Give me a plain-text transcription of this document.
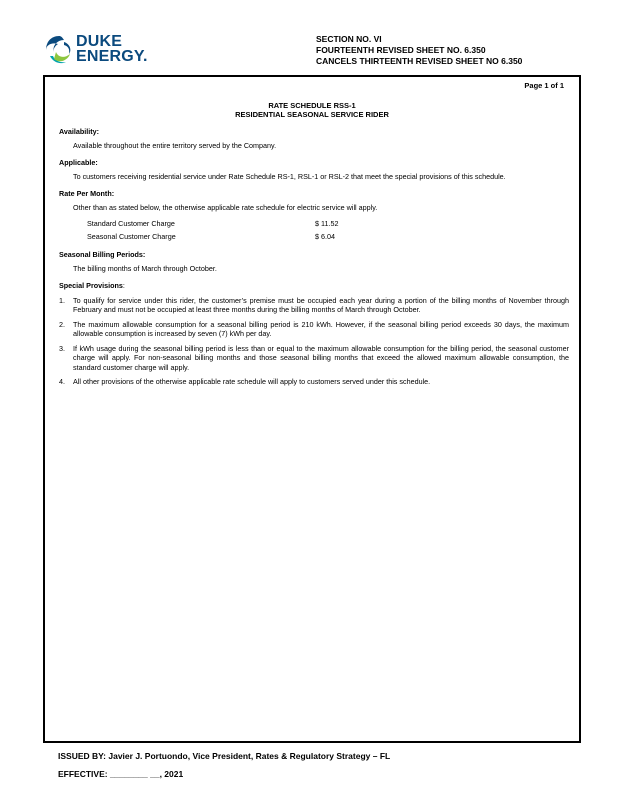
DUKE
ENERGY.
SECTION NO. VI
FOURTEENTH REVISED SHEET NO. 6.350
CANCELS THIRTEENTH REVISED SHEET NO 6.350
Page 1 of 1
RATE SCHEDULE RSS-1
RESIDENTIAL SEASONAL SERVICE RIDER
Availability:
Available throughout the entire territory served by the Company.
Applicable:
To customers receiving residential service under Rate Schedule RS-1, RSL-1 or RSL-2 that meet the special provisions of this schedule.
Rate Per Month:
Other than as stated below, the otherwise applicable rate schedule for electric service will apply.
Standard Customer Charge	$ 11.52
Seasonal Customer Charge	$ 6.04
Seasonal Billing Periods:
The billing months of March through October.
Special Provisions:
1.	To qualify for service under this rider, the customer’s premise must be occupied each year during a portion of the billing months of November through February and must not be occupied at least three months during the billing months of March through October.
2.	The maximum allowable consumption for a seasonal billing period is 210 kWh. However, if the seasonal billing period exceeds 30 days, the maximum allowable consumption is increased by seven (7) kWh per day.
3.	If kWh usage during the seasonal billing period is less than or equal to the maximum allowable consumption for the billing period, the seasonal customer charge will apply. For non-seasonal billing months and those seasonal billing months that exceed the allowed maximum allowable consumption, the standard customer charge will apply.
4.	All other provisions of the otherwise applicable rate schedule will apply to customers served under this schedule.
ISSUED BY: Javier J. Portuondo, Vice President, Rates & Regulatory Strategy – FL
EFFECTIVE: ________ __, 2021
